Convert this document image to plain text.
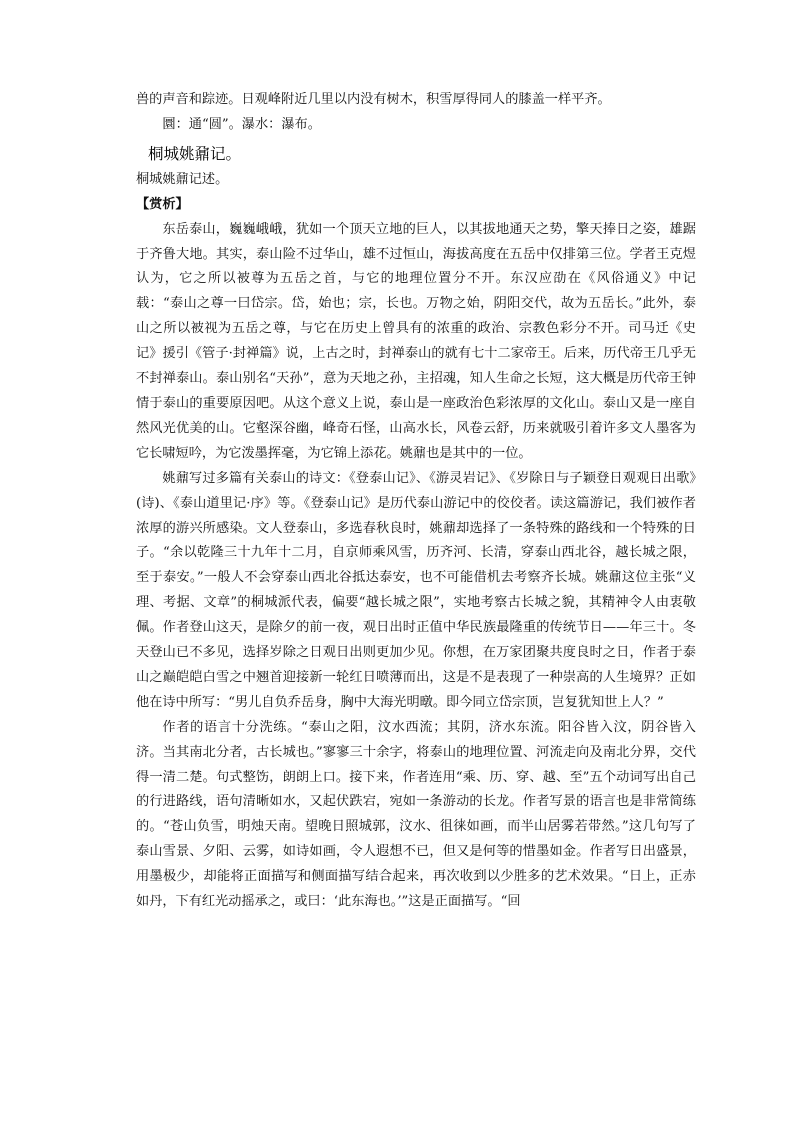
兽的声音和踪迹。日观峰附近几里以内没有树木，积雪厚得同人的膝盖一样平齐。

圜：通“圆”。瀑水：瀑布。

桐城姚鼐记。

桐城姚鼐记述。

【赏析】

东岳泰山，巍巍峨峨，犹如一个顶天立地的巨人，以其拔地通天之势，擎天捧日之姿，雄踞于齐鲁大地。其实，泰山险不过华山，雄不过恒山，海拔高度在五岳中仅排第三位。学者王克煜认为，它之所以被尊为五岳之首，与它的地理位置分不开。东汉应劭在《风俗通义》中记载：“泰山之尊一曰岱宗。岱，始也；宗，长也。万物之始，阴阳交代，故为五岳长。”此外，泰山之所以被视为五岳之尊，与它在历史上曾具有的浓重的政治、宗教色彩分不开。司马迁《史记》援引《管子·封禅篇》说，上古之时，封禅泰山的就有七十二家帝王。后来，历代帝王几乎无不封禅泰山。泰山别名“天孙”，意为天地之孙，主招魂，知人生命之长短，这大概是历代帝王钟情于泰山的重要原因吧。从这个意义上说，泰山是一座政治色彩浓厚的文化山。泰山又是一座自然风光优美的山。它壑深谷幽，峰奇石怪，山高水长，风卷云舒，历来就吸引着许多文人墨客为它长啸短吟，为它泼墨挥毫，为它锦上添花。姚鼐也是其中的一位。

姚鼐写过多篇有关泰山的诗文：《登泰山记》、《游灵岩记》、《岁除日与子颖登日观观日出歌》(诗)、《泰山道里记·序》等。《登泰山记》是历代泰山游记中的佼佼者。读这篇游记，我们被作者浓厚的游兴所感染。文人登泰山，多选春秋良时，姚鼐却选择了一条特殊的路线和一个特殊的日子。“余以乾隆三十九年十二月，自京师乘风雪，历齐河、长清，穿泰山西北谷，越长城之限，至于泰安。”一般人不会穿泰山西北谷抵达泰安，也不可能借机去考察齐长城。姚鼐这位主张“义理、考据、文章”的桐城派代表，偏要“越长城之限”，实地考察古长城之貌，其精神令人由衷敬佩。作者登山这天，是除夕的前一夜，观日出时正值中华民族最隆重的传统节日——年三十。冬天登山已不多见，选择岁除之日观日出则更加少见。你想，在万家团聚共度良时之日，作者于泰山之巅皑皑白雪之中翘首迎接新一轮红日喷薄而出，这是不是表现了一种崇高的人生境界？正如他在诗中所写：“男儿自负乔岳身，胸中大海光明暾。即今同立岱宗顶，岂复犹知世上人？”

作者的语言十分洗练。“泰山之阳，汶水西流；其阴，济水东流。阳谷皆入汶，阴谷皆入济。当其南北分者，古长城也。”寥寥三十余字，将泰山的地理位置、河流走向及南北分界，交代得一清二楚。句式整饬，朗朗上口。接下来，作者连用“乘、历、穿、越、至”五个动词写出自己的行进路线，语句清晰如水，又起伏跌宕，宛如一条游动的长龙。作者写景的语言也是非常简练的。“苍山负雪，明烛天南。望晚日照城郭，汶水、徂徕如画，而半山居雾若带然。”这几句写了泰山雪景、夕阳、云雾，如诗如画，令人遐想不已，但又是何等的惜墨如金。作者写日出盛景，用墨极少，却能将正面描写和侧面描写结合起来，再次收到以少胜多的艺术效果。“日上，正赤如丹，下有红光动摇承之，或曰：‘此东海也。’”这是正面描写。“回
